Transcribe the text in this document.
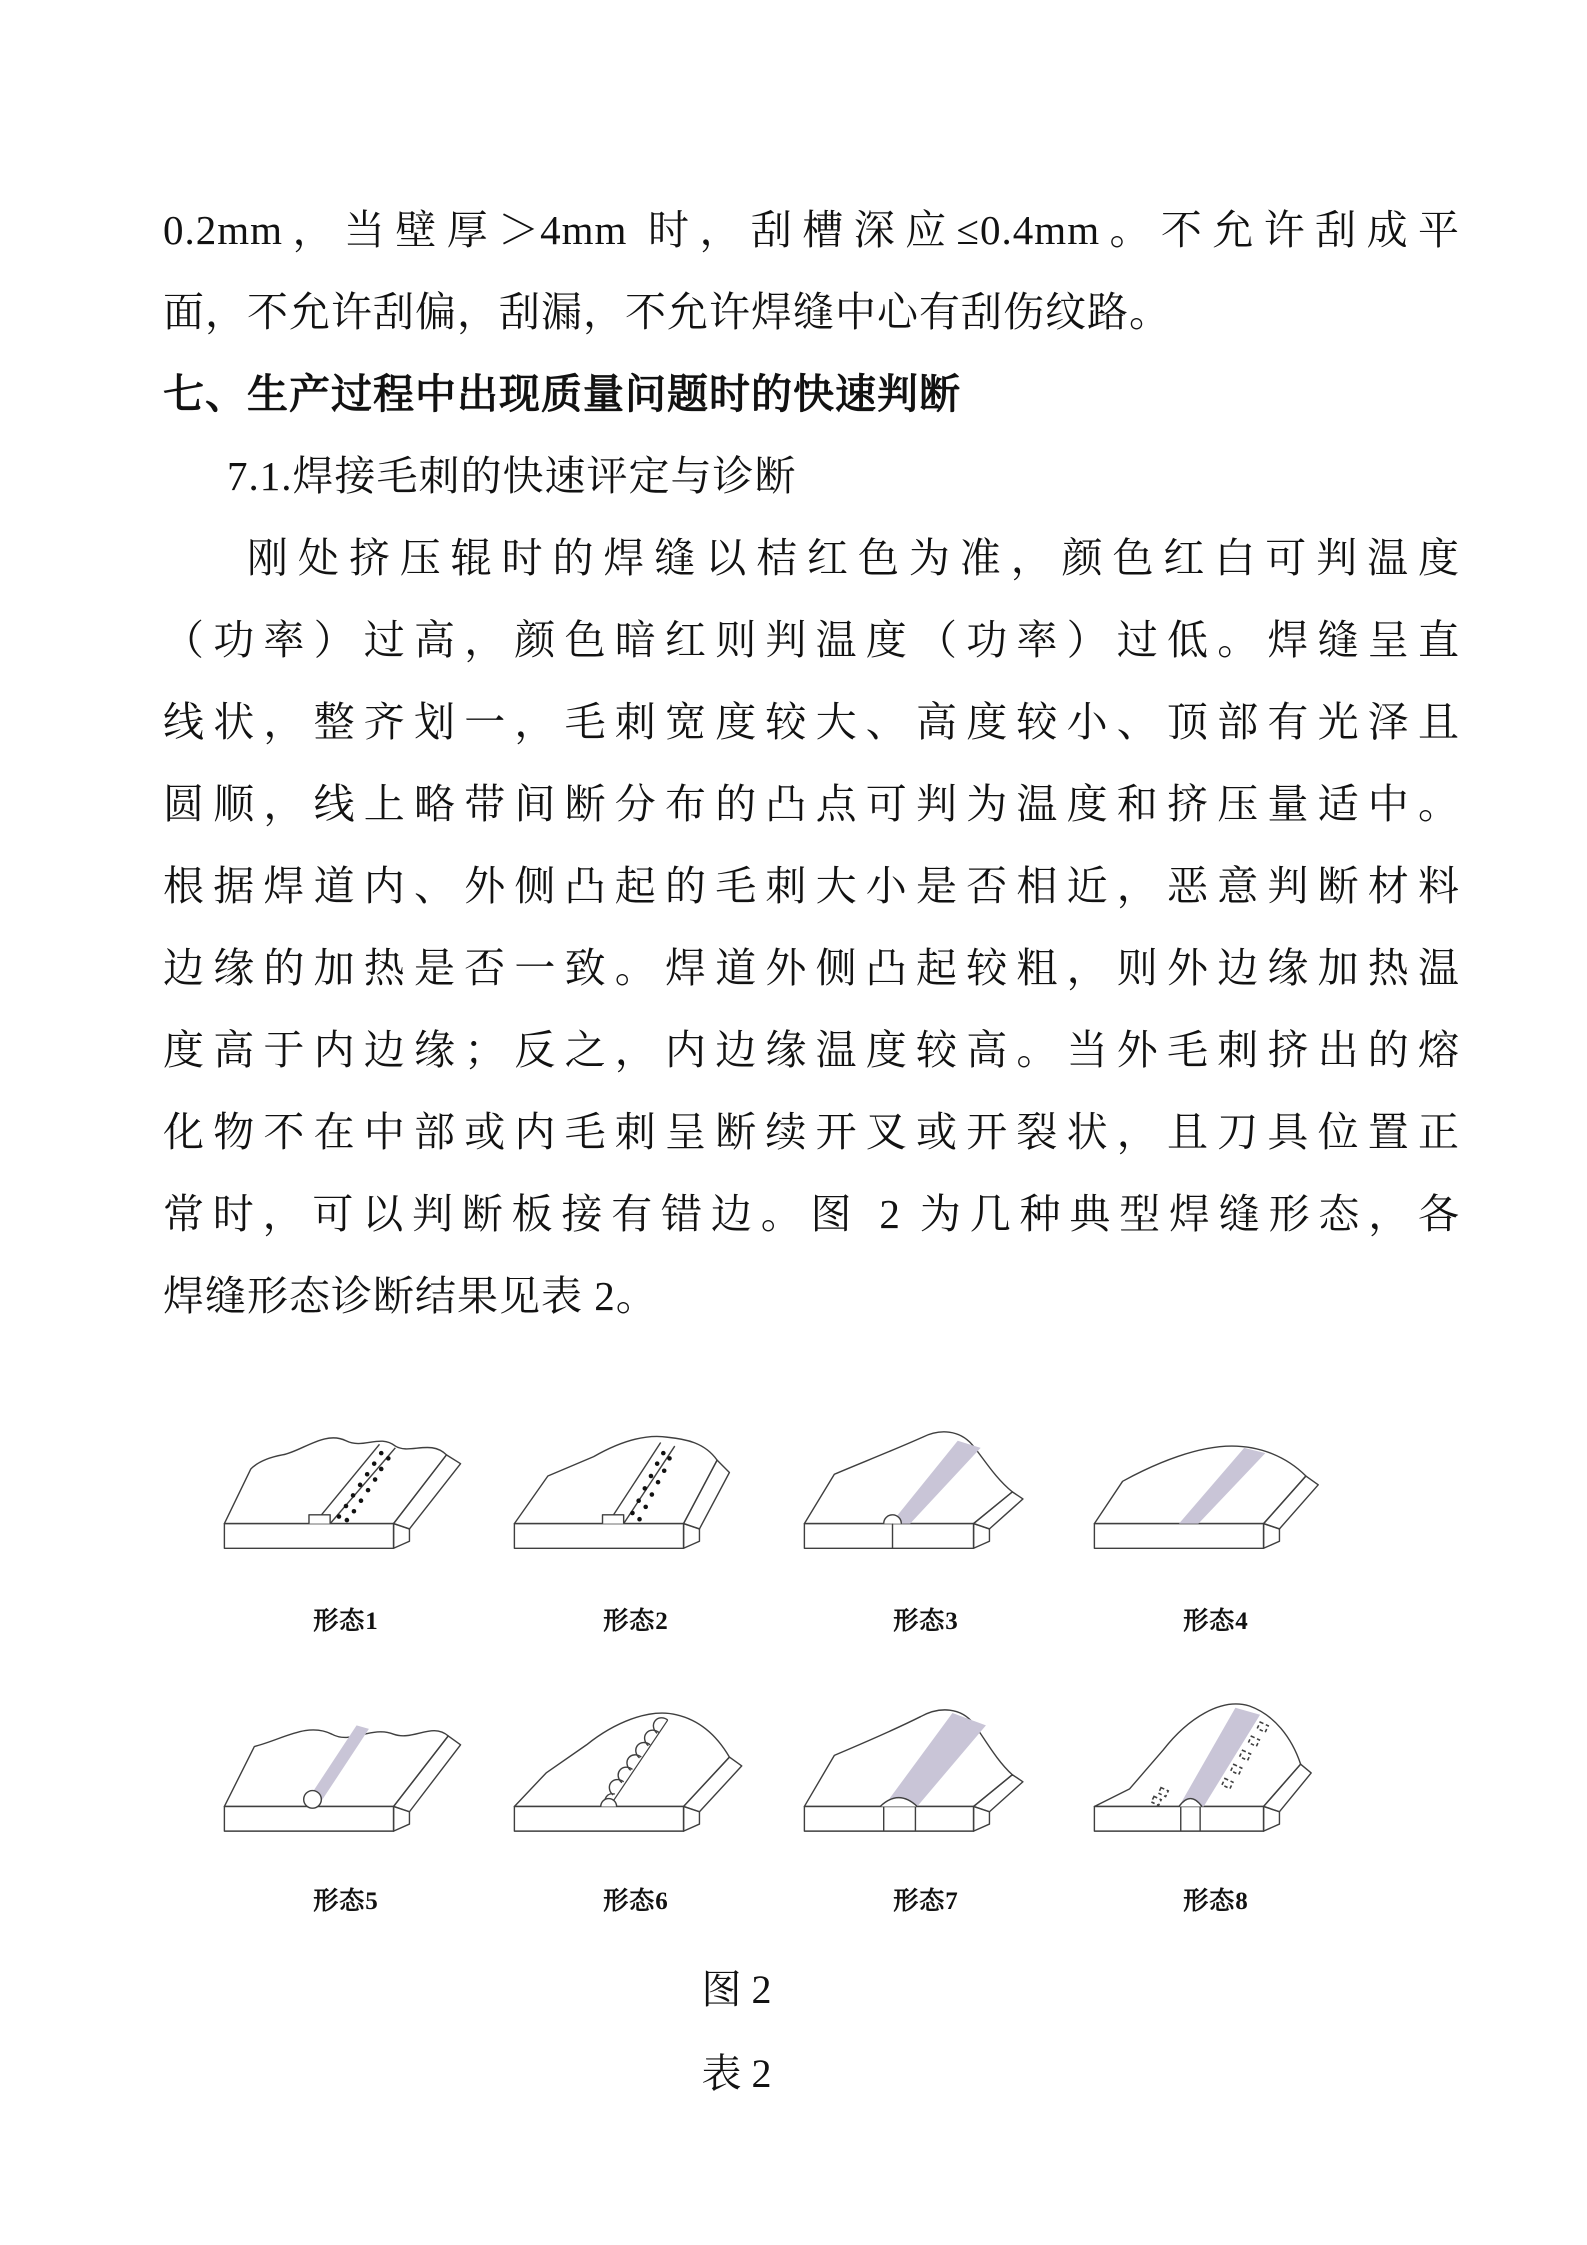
0.2mm，当壁厚＞4mm 时，刮槽深应≤0.4mm。不允许刮成平
面，不允许刮偏，刮漏，不允许焊缝中心有刮伤纹路。
七、生产过程中出现质量问题时的快速判断
7.1.焊接毛刺的快速评定与诊断
刚处挤压辊时的焊缝以桔红色为准，颜色红白可判温度
（功率）过高，颜色暗红则判温度（功率）过低。焊缝呈直
线状，整齐划一，毛刺宽度较大、高度较小、顶部有光泽且
圆顺，线上略带间断分布的凸点可判为温度和挤压量适中。
根据焊道内、外侧凸起的毛刺大小是否相近，恶意判断材料
边缘的加热是否一致。焊道外侧凸起较粗，则外边缘加热温
度高于内边缘；反之，内边缘温度较高。当外毛刺挤出的熔
化物不在中部或内毛刺呈断续开叉或开裂状，且刀具位置正
常时，可以判断板接有错边。图 2 为几种典型焊缝形态，各
焊缝形态诊断结果见表 2。
形态1	形态2	形态3	形态4
形态5	形态6	形态7	形态8
图 2
表 2
